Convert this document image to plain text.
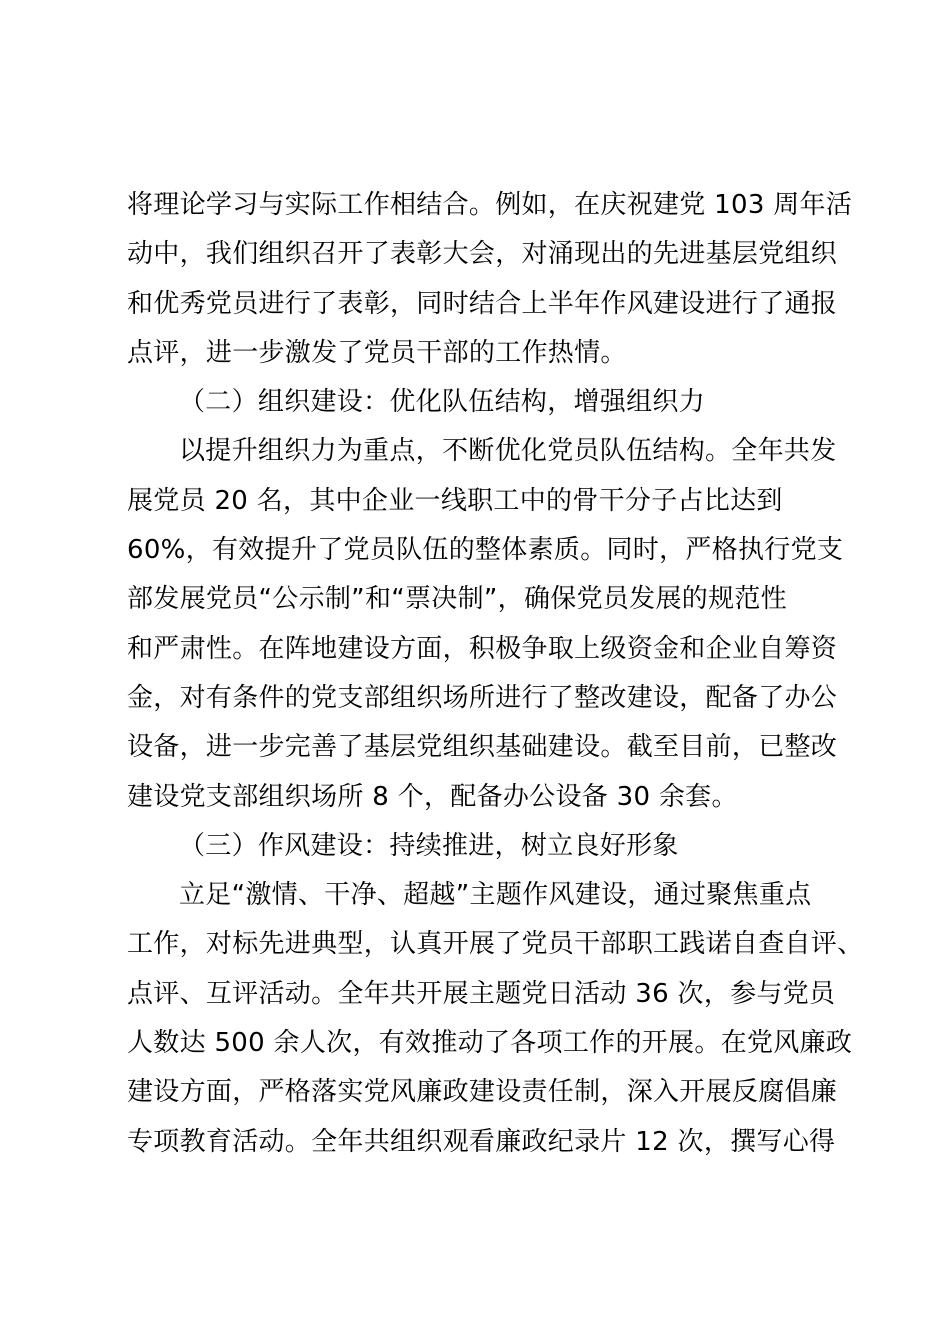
将理论学习与实际工作相结合。例如，在庆祝建党 103 周年活
动中，我们组织召开了表彰大会，对涌现出的先进基层党组织
和优秀党员进行了表彰，同时结合上半年作风建设进行了通报
点评，进一步激发了党员干部的工作热情。
（二）组织建设：优化队伍结构，增强组织力
以提升组织力为重点，不断优化党员队伍结构。全年共发
展党员 20 名，其中企业一线职工中的骨干分子占比达到
60%，有效提升了党员队伍的整体素质。同时，严格执行党支
部发展党员“公示制”和“票决制”，确保党员发展的规范性
和严肃性。在阵地建设方面，积极争取上级资金和企业自筹资
金，对有条件的党支部组织场所进行了整改建设，配备了办公
设备，进一步完善了基层党组织基础建设。截至目前，已整改
建设党支部组织场所 8 个，配备办公设备 30 余套。
（三）作风建设：持续推进，树立良好形象
立足“激情、干净、超越”主题作风建设，通过聚焦重点
工作，对标先进典型，认真开展了党员干部职工践诺自查自评、
点评、互评活动。全年共开展主题党日活动 36 次，参与党员
人数达 500 余人次，有效推动了各项工作的开展。在党风廉政
建设方面，严格落实党风廉政建设责任制，深入开展反腐倡廉
专项教育活动。全年共组织观看廉政纪录片 12 次，撰写心得
